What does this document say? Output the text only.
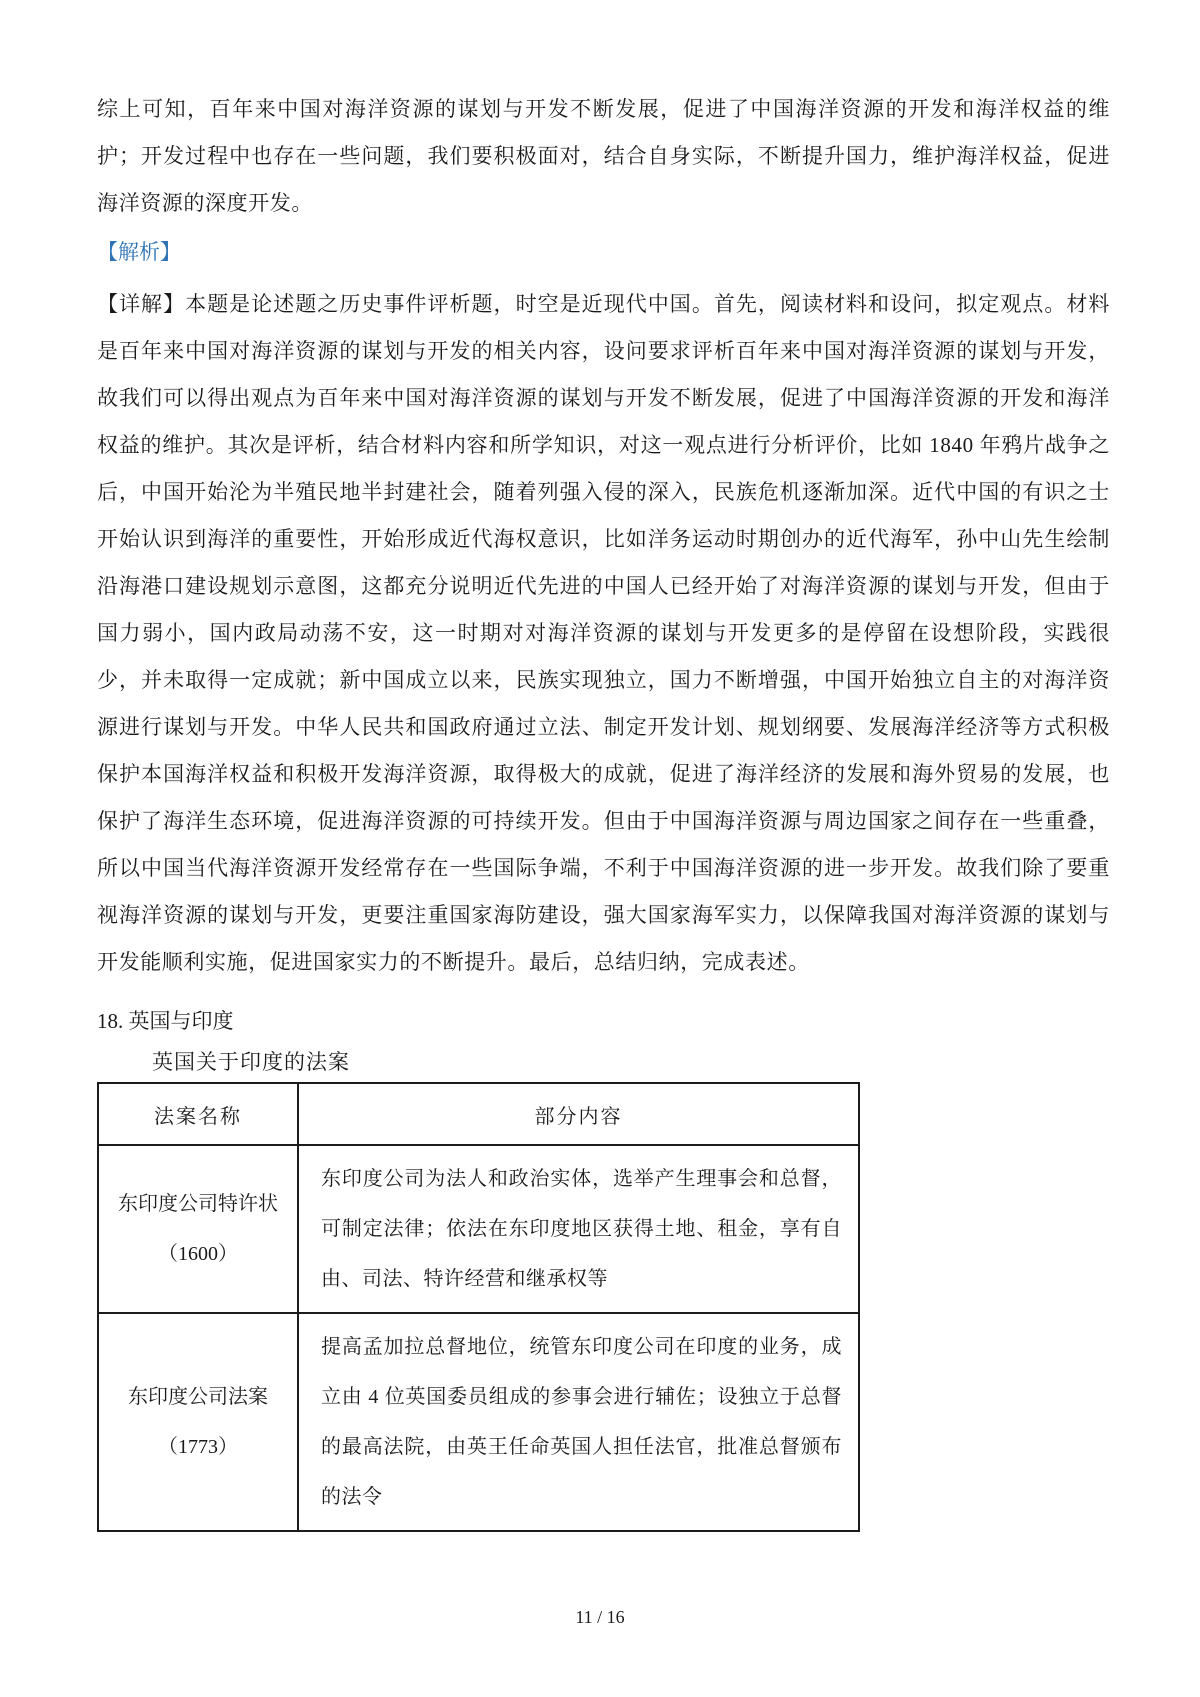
综上可知，百年来中国对海洋资源的谋划与开发不断发展，促进了中国海洋资源的开发和海洋权益的维护；开发过程中也存在一些问题，我们要积极面对，结合自身实际，不断提升国力，维护海洋权益，促进海洋资源的深度开发。

【解析】

【详解】本题是论述题之历史事件评析题，时空是近现代中国。首先，阅读材料和设问，拟定观点。材料是百年来中国对海洋资源的谋划与开发的相关内容，设问要求评析百年来中国对海洋资源的谋划与开发，故我们可以得出观点为百年来中国对海洋资源的谋划与开发不断发展，促进了中国海洋资源的开发和海洋权益的维护。其次是评析，结合材料内容和所学知识，对这一观点进行分析评价，比如 1840 年鸦片战争之后，中国开始沦为半殖民地半封建社会，随着列强入侵的深入，民族危机逐渐加深。近代中国的有识之士开始认识到海洋的重要性，开始形成近代海权意识，比如洋务运动时期创办的近代海军，孙中山先生绘制沿海港口建设规划示意图，这都充分说明近代先进的中国人已经开始了对海洋资源的谋划与开发，但由于国力弱小，国内政局动荡不安，这一时期对对海洋资源的谋划与开发更多的是停留在设想阶段，实践很少，并未取得一定成就；新中国成立以来，民族实现独立，国力不断增强，中国开始独立自主的对海洋资源进行谋划与开发。中华人民共和国政府通过立法、制定开发计划、规划纲要、发展海洋经济等方式积极保护本国海洋权益和积极开发海洋资源，取得极大的成就，促进了海洋经济的发展和海外贸易的发展，也保护了海洋生态环境，促进海洋资源的可持续开发。但由于中国海洋资源与周边国家之间存在一些重叠，所以中国当代海洋资源开发经常存在一些国际争端，不利于中国海洋资源的进一步开发。故我们除了要重视海洋资源的谋划与开发，更要注重国家海防建设，强大国家海军实力，以保障我国对海洋资源的谋划与开发能顺利实施，促进国家实力的不断提升。最后，总结归纳，完成表述。

18. 英国与印度

英国关于印度的法案

法案名称	部分内容

东印度公司特许状
（1600）	东印度公司为法人和政治实体，选举产生理事会和总督，可制定法律；依法在东印度地区获得土地、租金，享有自由、司法、特许经营和继承权等

东印度公司法案
（1773）	提高孟加拉总督地位，统管东印度公司在印度的业务，成立由 4 位英国委员组成的参事会进行辅佐；设独立于总督的最高法院，由英王任命英国人担任法官，批准总督颁布的法令
11 / 16
